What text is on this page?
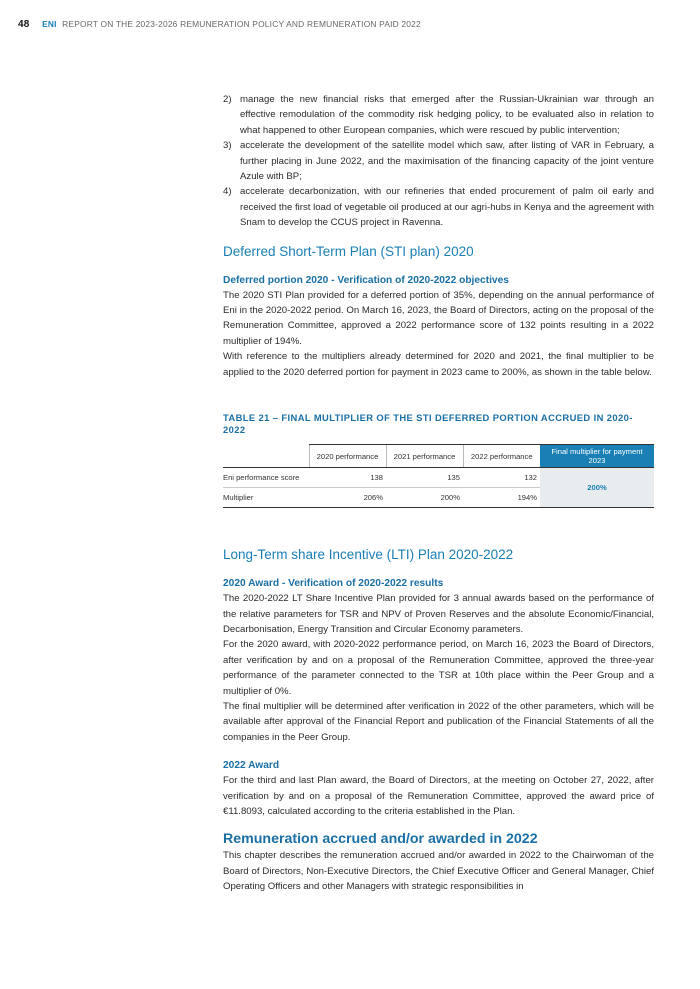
48 ENI REPORT ON THE 2023-2026 REMUNERATION POLICY AND REMUNERATION PAID 2022
2) manage the new financial risks that emerged after the Russian-Ukrainian war through an effective remodulation of the commodity risk hedging policy, to be evaluated also in relation to what happened to other European companies, which were rescued by public intervention;
3) accelerate the development of the satellite model which saw, after listing of VAR in February, a further placing in June 2022, and the maximisation of the financing capacity of the joint venture Azule with BP;
4) accelerate decarbonization, with our refineries that ended procurement of palm oil early and received the first load of vegetable oil produced at our agri-hubs in Kenya and the agreement with Snam to develop the CCUS project in Ravenna.
Deferred Short-Term Plan (STI plan) 2020
Deferred portion 2020 - Verification of 2020-2022 objectives

The 2020 STI Plan provided for a deferred portion of 35%, depending on the annual performance of Eni in the 2020-2022 period. On March 16, 2023, the Board of Directors, acting on the proposal of the Remuneration Committee, approved a 2022 performance score of 132 points resulting in a 2022 multiplier of 194%.

With reference to the multipliers already determined for 2020 and 2021, the final multiplier to be applied to the 2020 deferred portion for payment in 2023 came to 200%, as shown in the table below.

TABLE 21 – FINAL MULTIPLIER OF THE STI DEFERRED PORTION ACCRUED IN 2020-2022
	2020 performance	2021 performance	2022 performance	Final multiplier for payment 2023
Eni performance score	138	135	132	200%
Multiplier	206%	200%	194%	
Long-Term share Incentive (LTI) Plan 2020-2022
2020 Award - Verification of 2020-2022 results

The 2020-2022 LT Share Incentive Plan provided for 3 annual awards based on the performance of the relative parameters for TSR and NPV of Proven Reserves and the absolute Economic/Financial, Decarbonisation, Energy Transition and Circular Economy parameters.

For the 2020 award, with 2020-2022 performance period, on March 16, 2023 the Board of Directors, after verification by and on a proposal of the Remuneration Committee, approved the three-year performance of the parameter connected to the TSR at 10th place within the Peer Group and a multiplier of 0%.

The final multiplier will be determined after verification in 2022 of the other parameters, which will be available after approval of the Financial Report and publication of the Financial Statements of all the companies in the Peer Group.

2022 Award

For the third and last Plan award, the Board of Directors, at the meeting on October 27, 2022, after verification by and on a proposal of the Remuneration Committee, approved the award price of €11.8093, calculated according to the criteria established in the Plan.

Remuneration accrued and/or awarded in 2022

This chapter describes the remuneration accrued and/or awarded in 2022 to the Chairwoman of the Board of Directors, Non-Executive Directors, the Chief Executive Officer and General Manager, Chief Operating Officers and other Managers with strategic responsibilities in
